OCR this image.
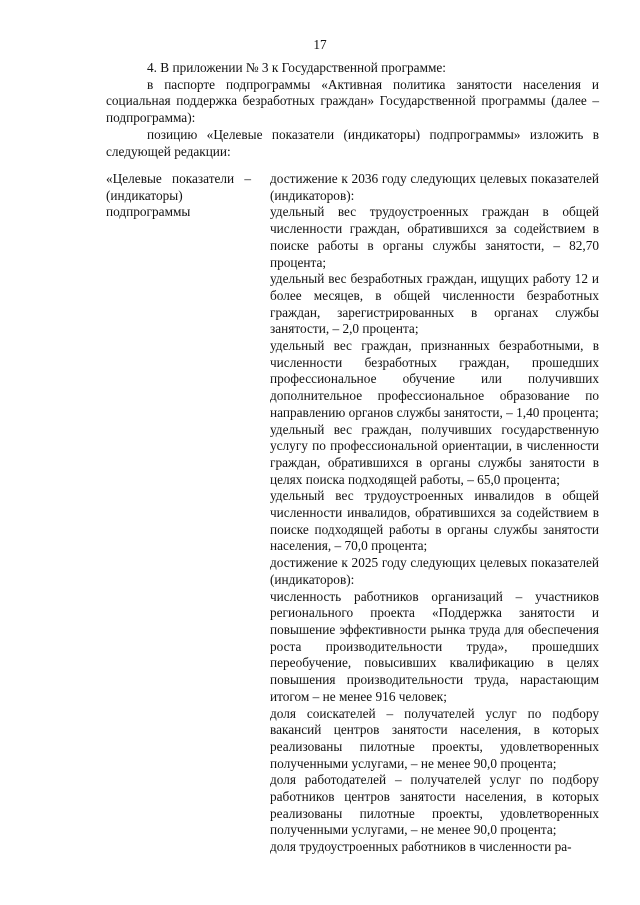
17

4. В приложении № 3 к Государственной программе:

в паспорте подпрограммы «Активная политика занятости населения и социальная поддержка безработных граждан» Государственной программы (далее – подпрограмма):

позицию «Целевые показатели (индикаторы) подпрограммы» изложить в следующей редакции:

«Целевые показатели – (индикаторы) подпрограммы

достижение к 2036 году следующих целевых показателей (индикаторов):

удельный вес трудоустроенных граждан в общей численности граждан, обратившихся за содействием в поиске работы в органы службы занятости, – 82,70 процента;

удельный вес безработных граждан, ищущих работу 12 и более месяцев, в общей численности безработных граждан, зарегистрированных в органах службы занятости, – 2,0 процента;

удельный вес граждан, признанных безработными, в численности безработных граждан, прошедших профессиональное обучение или получивших дополнительное профессиональное образование по направлению органов службы занятости, – 1,40 процента;

удельный вес граждан, получивших государственную услугу по профессиональной ориентации, в численности граждан, обратившихся в органы службы занятости в целях поиска подходящей работы, – 65,0 процента;

удельный вес трудоустроенных инвалидов в общей численности инвалидов, обратившихся за содействием в поиске подходящей работы в органы службы занятости населения, – 70,0 процента;

достижение к 2025 году следующих целевых показателей (индикаторов):

численность работников организаций – участников регионального проекта «Поддержка занятости и повышение эффективности рынка труда для обеспечения роста производительности труда», прошедших переобучение, повысивших квалификацию в целях повышения производительности труда, нарастающим итогом – не менее 916 человек;

доля соискателей – получателей услуг по подбору вакансий центров занятости населения, в которых реализованы пилотные проекты, удовлетворенных полученными услугами, – не менее 90,0 процента;

доля работодателей – получателей услуг по подбору работников центров занятости населения, в которых реализованы пилотные проекты, удовлетворенных полученными услугами, – не менее 90,0 процента;

доля трудоустроенных работников в численности ра-
